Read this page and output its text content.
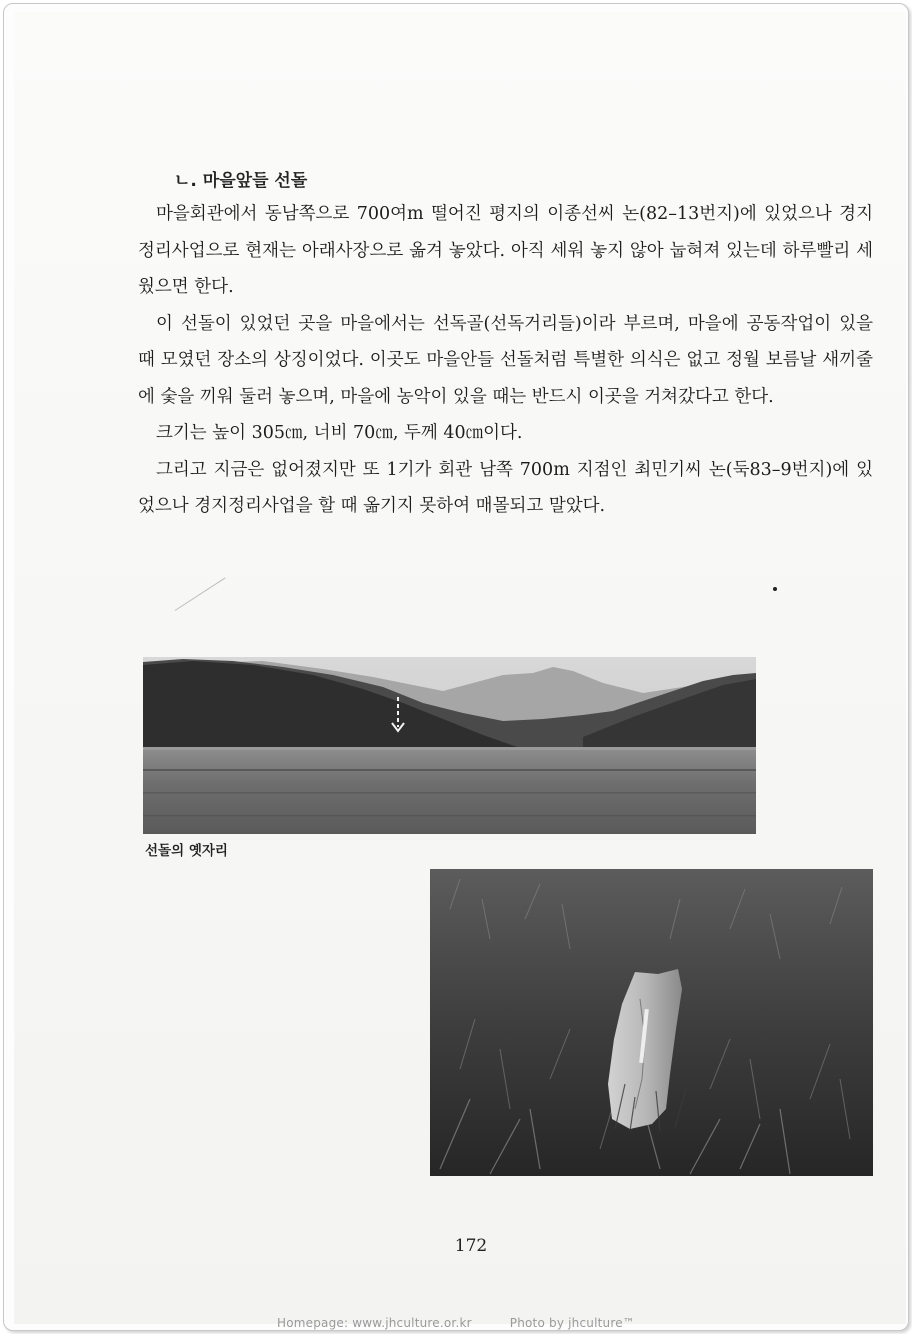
ㄴ. 마을앞들 선돌

마을회관에서 동남쪽으로 700여m 떨어진 평지의 이종선씨 논(82–13번지)에 있었으나 경지정리사업으로 현재는 아래사장으로 옮겨 놓았다. 아직 세워 놓지 않아 눕혀져 있는데 하루빨리 세웠으면 한다.

이 선돌이 있었던 곳을 마을에서는 선독골(선독거리들)이라 부르며, 마을에 공동작업이 있을 때 모였던 장소의 상징이었다. 이곳도 마을안들 선돌처럼 특별한 의식은 없고 정월 보름날 새끼줄에 숯을 끼워 둘러 놓으며, 마을에 농악이 있을 때는 반드시 이곳을 거쳐갔다고 한다.

크기는 높이 305㎝, 너비 70㎝, 두께 40㎝이다.

그리고 지금은 없어졌지만 또 1기가 회관 남쪽 700m 지점인 최민기씨 논(둑83–9번지)에 있었으나 경지정리사업을 할 때 옮기지 못하여 매몰되고 말았다.

선돌의 옛자리
172
Homepage: www.jhculture.or.kr	Photo by jhculture™
